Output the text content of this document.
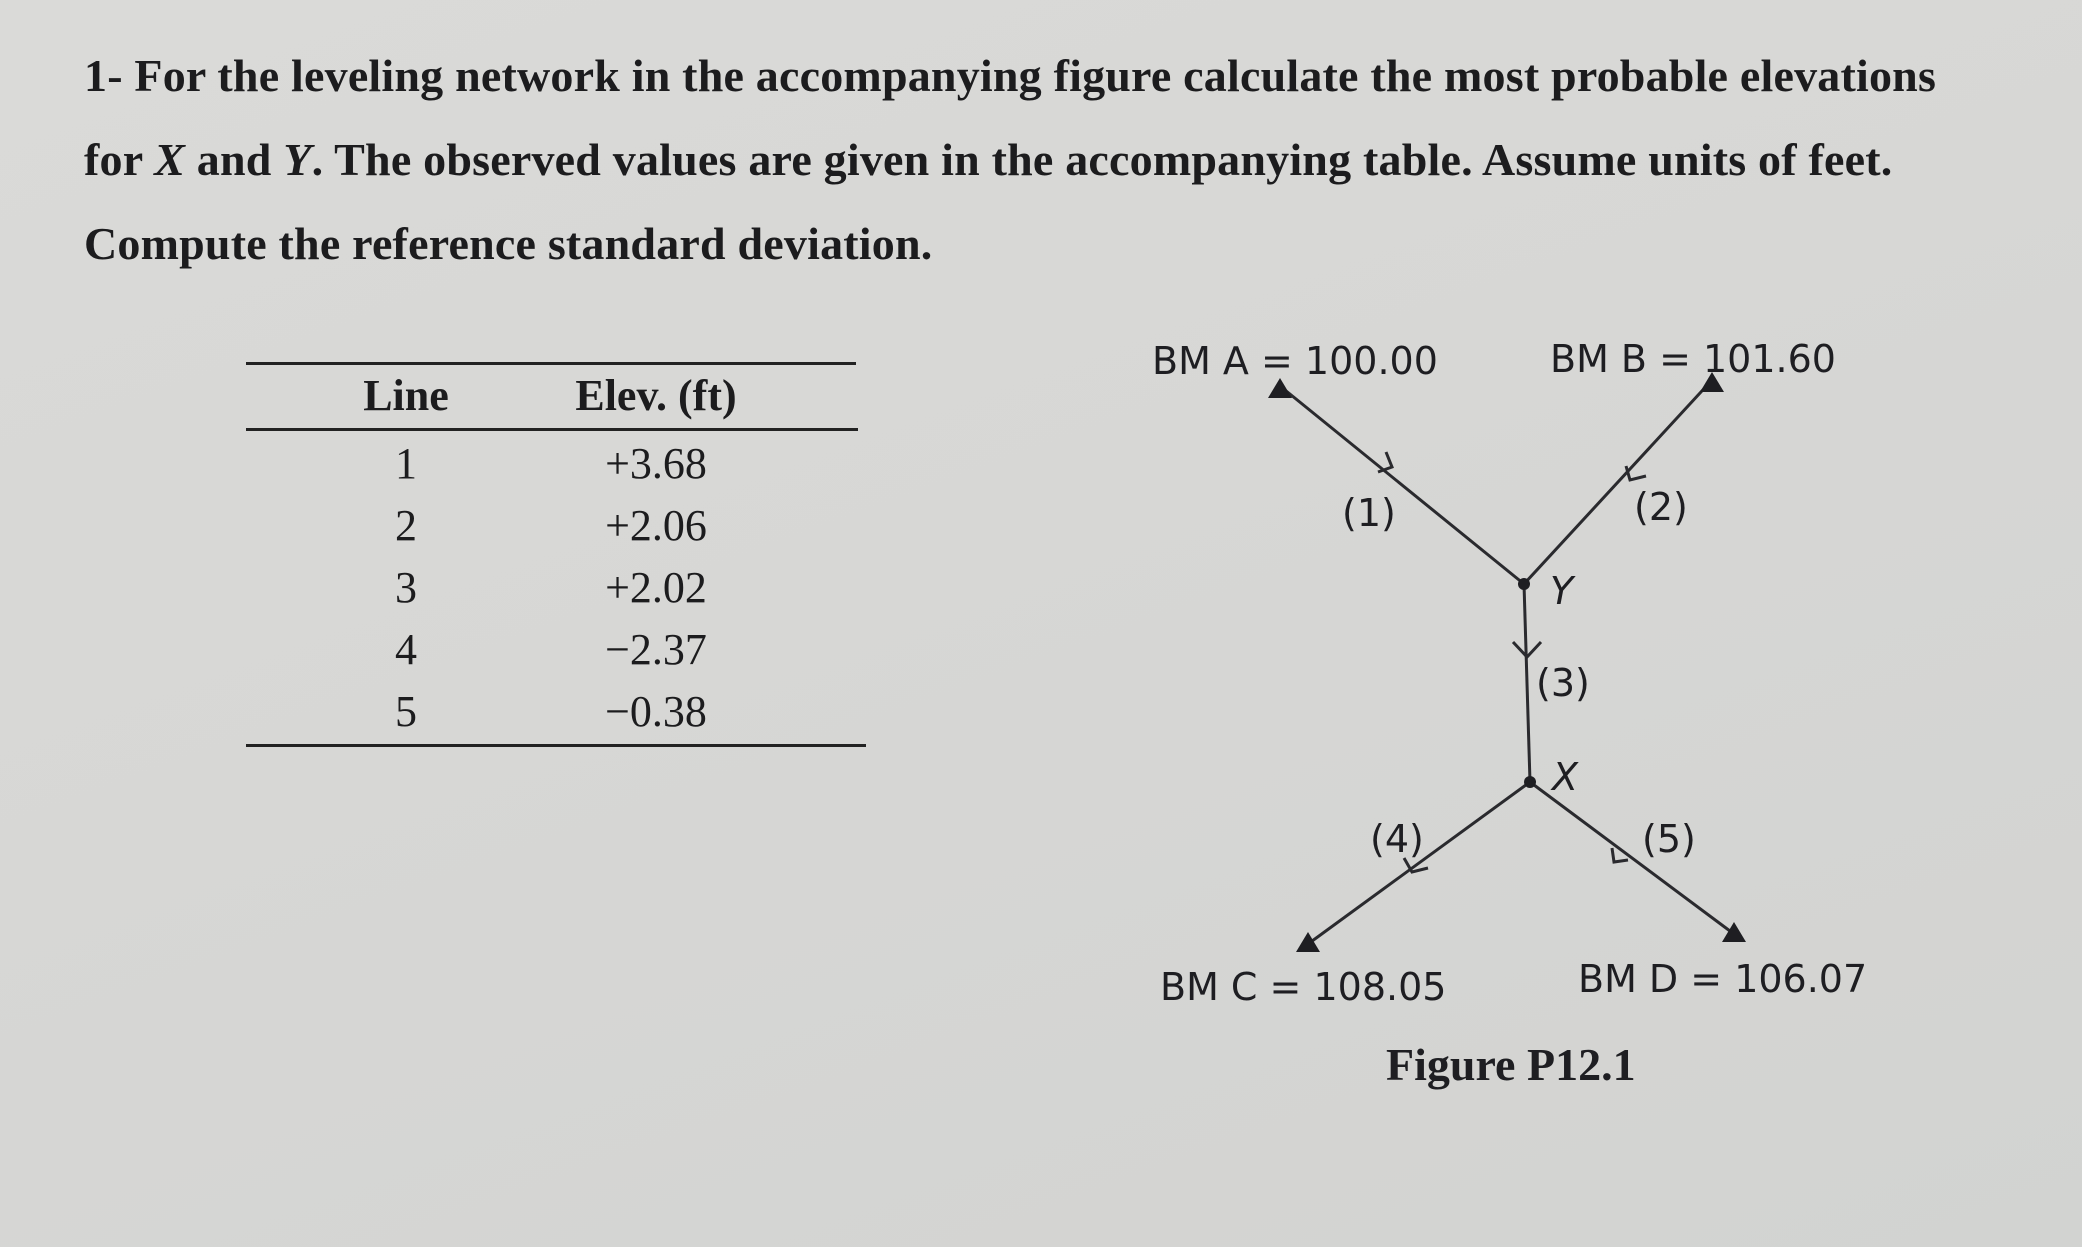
1- For the leveling network in the accompanying figure calculate the most probable elevations
for X and Y. The observed values are given in the accompanying table. Assume units of feet.
Compute the reference standard deviation.
Line	Elev. (ft)
1	+3.68
2	+2.06
3	+2.02
4	−2.37
5	−0.38
BM A = 100.00	BM B = 101.60
BM C = 108.05	BM D = 106.07
Y
X
(1)	(2)
(3)
(4)	(5)
Figure P12.1
